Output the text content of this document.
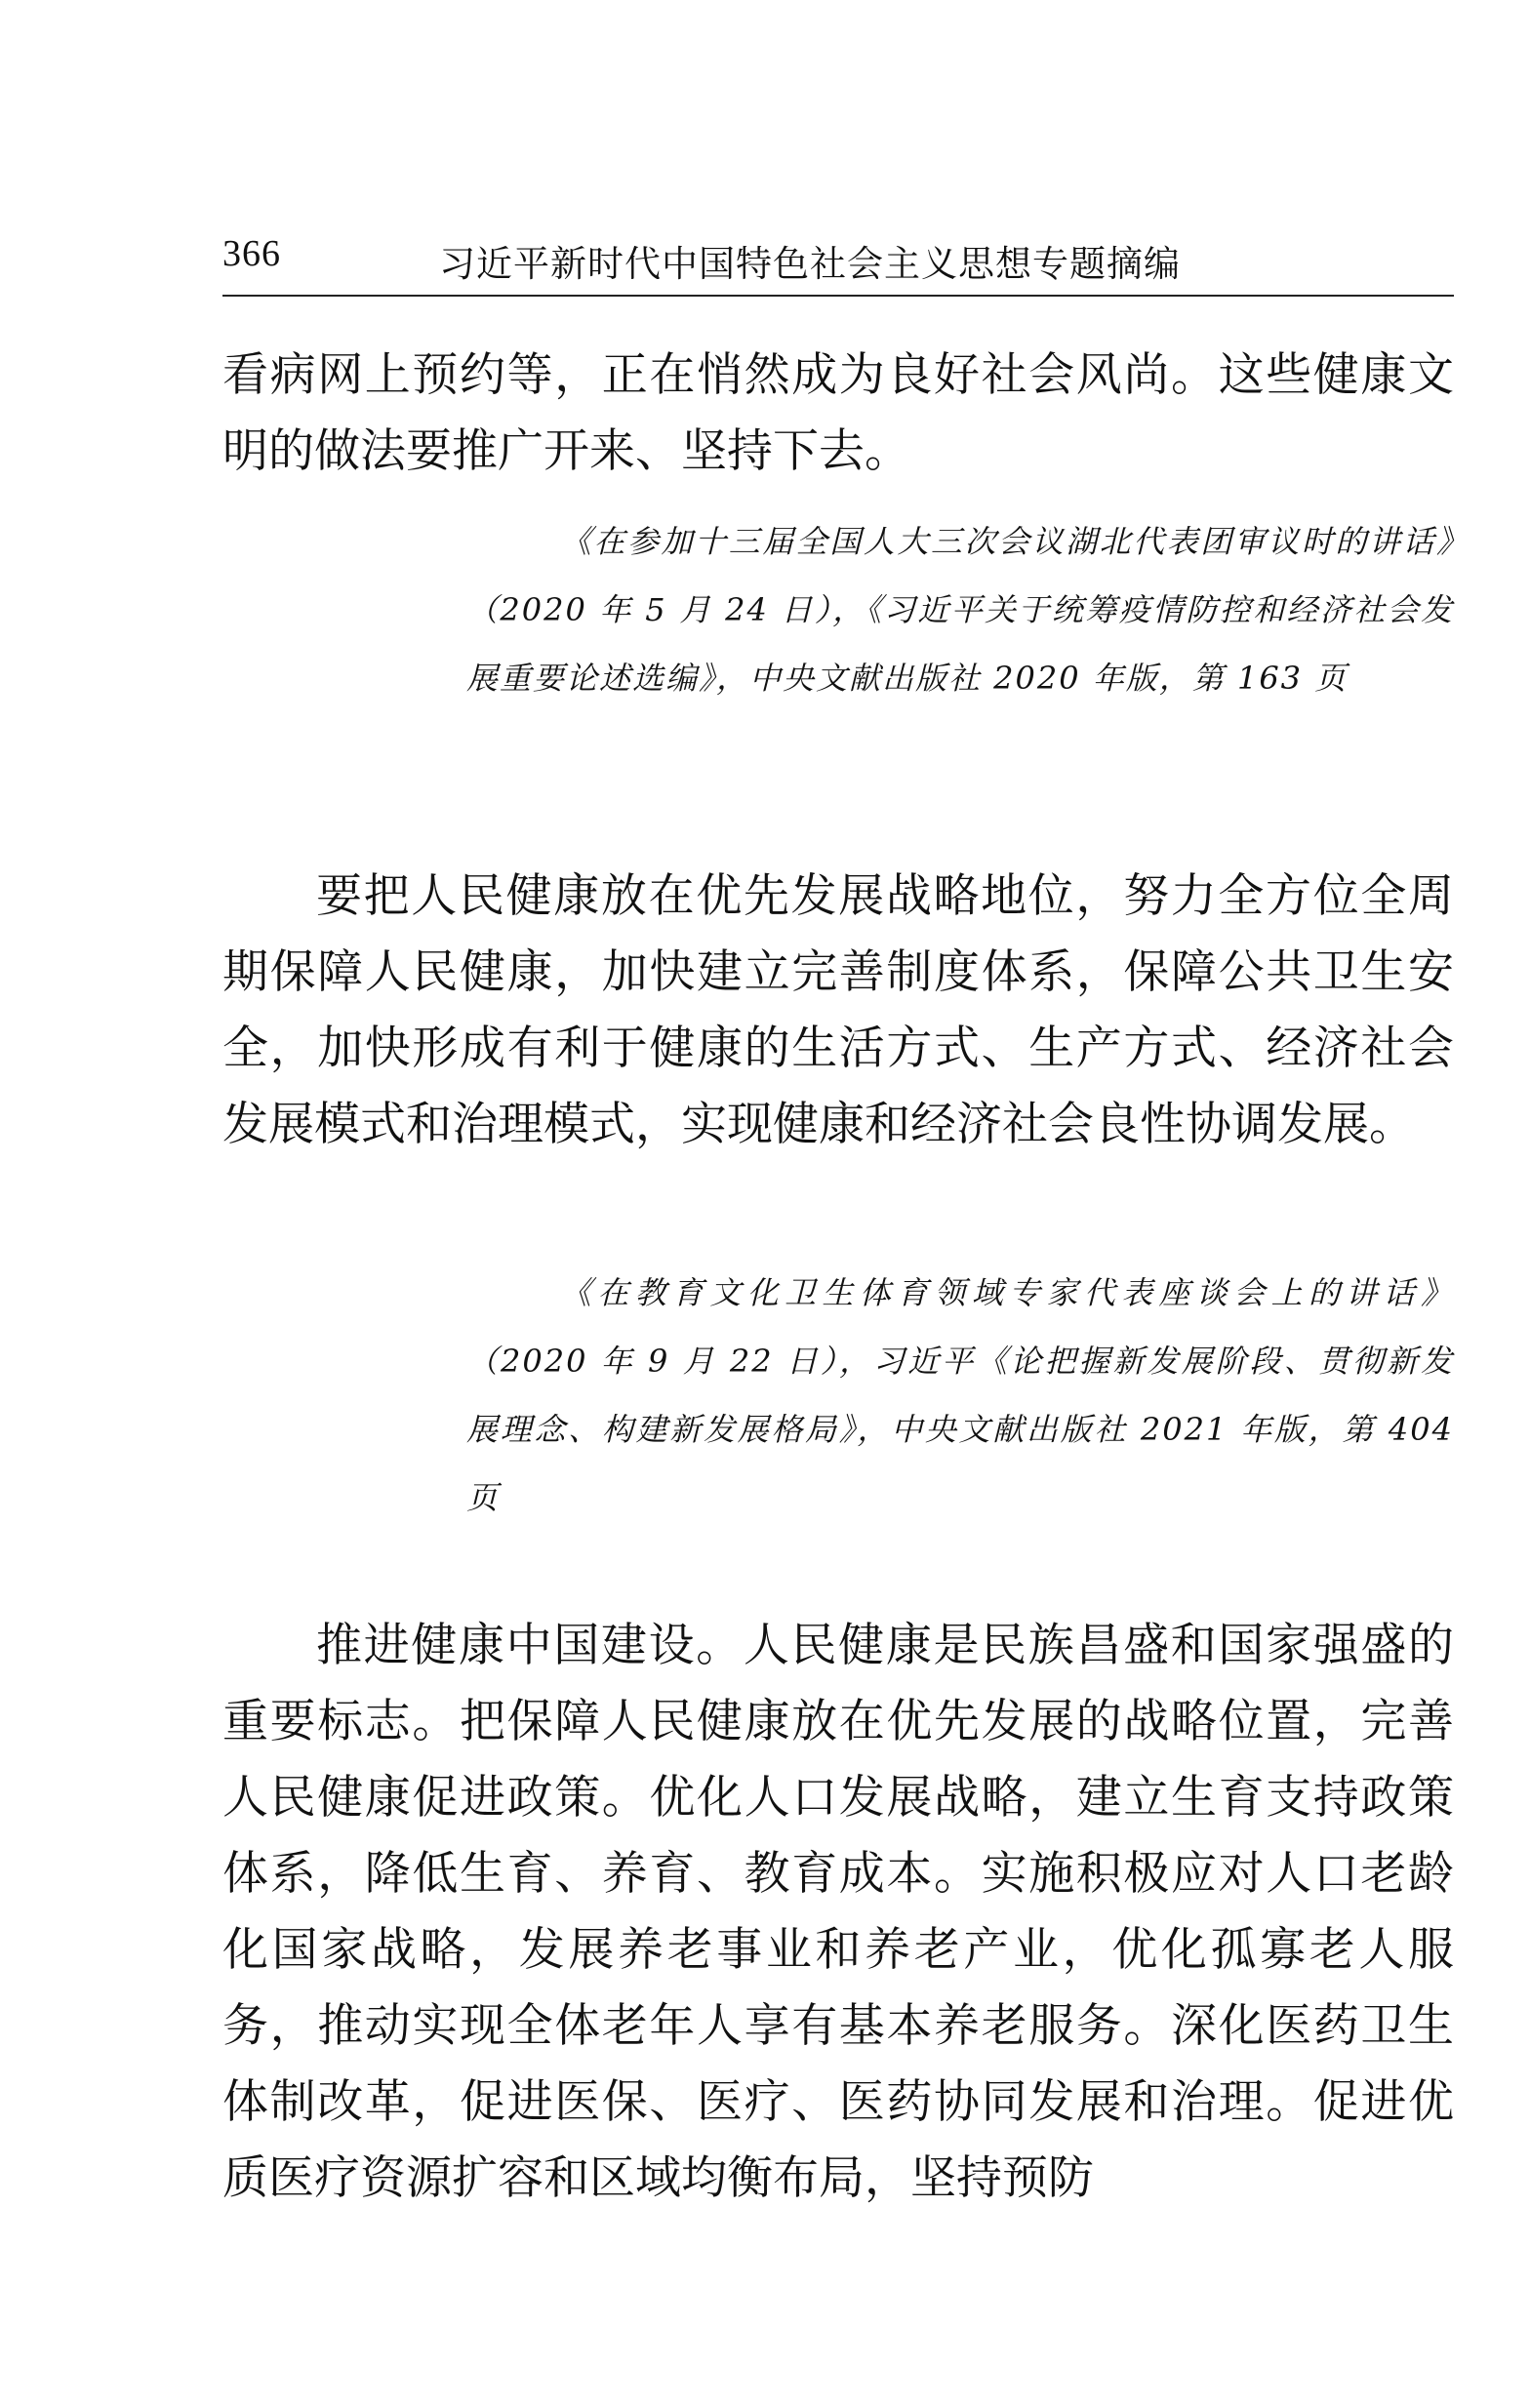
366	习近平新时代中国特色社会主义思想专题摘编

看病网上预约等，正在悄然成为良好社会风尚。这些健康文明的做法要推广开来、坚持下去。

《在参加十三届全国人大三次会议湖北代表团审议时的讲话》（2020 年 5 月 24 日），《习近平关于统筹疫情防控和经济社会发展重要论述选编》，中央文献出版社 2020 年版，第 163 页

要把人民健康放在优先发展战略地位，努力全方位全周期保障人民健康，加快建立完善制度体系，保障公共卫生安全，加快形成有利于健康的生活方式、生产方式、经济社会发展模式和治理模式，实现健康和经济社会良性协调发展。

《在教育文化卫生体育领域专家代表座谈会上的讲话》（2020 年 9 月 22 日），习近平《论把握新发展阶段、贯彻新发展理念、构建新发展格局》，中央文献出版社 2021 年版，第 404 页

推进健康中国建设。人民健康是民族昌盛和国家强盛的重要标志。把保障人民健康放在优先发展的战略位置，完善人民健康促进政策。优化人口发展战略，建立生育支持政策体系，降低生育、养育、教育成本。实施积极应对人口老龄化国家战略，发展养老事业和养老产业，优化孤寡老人服务，推动实现全体老年人享有基本养老服务。深化医药卫生体制改革，促进医保、医疗、医药协同发展和治理。促进优质医疗资源扩容和区域均衡布局，坚持预防
